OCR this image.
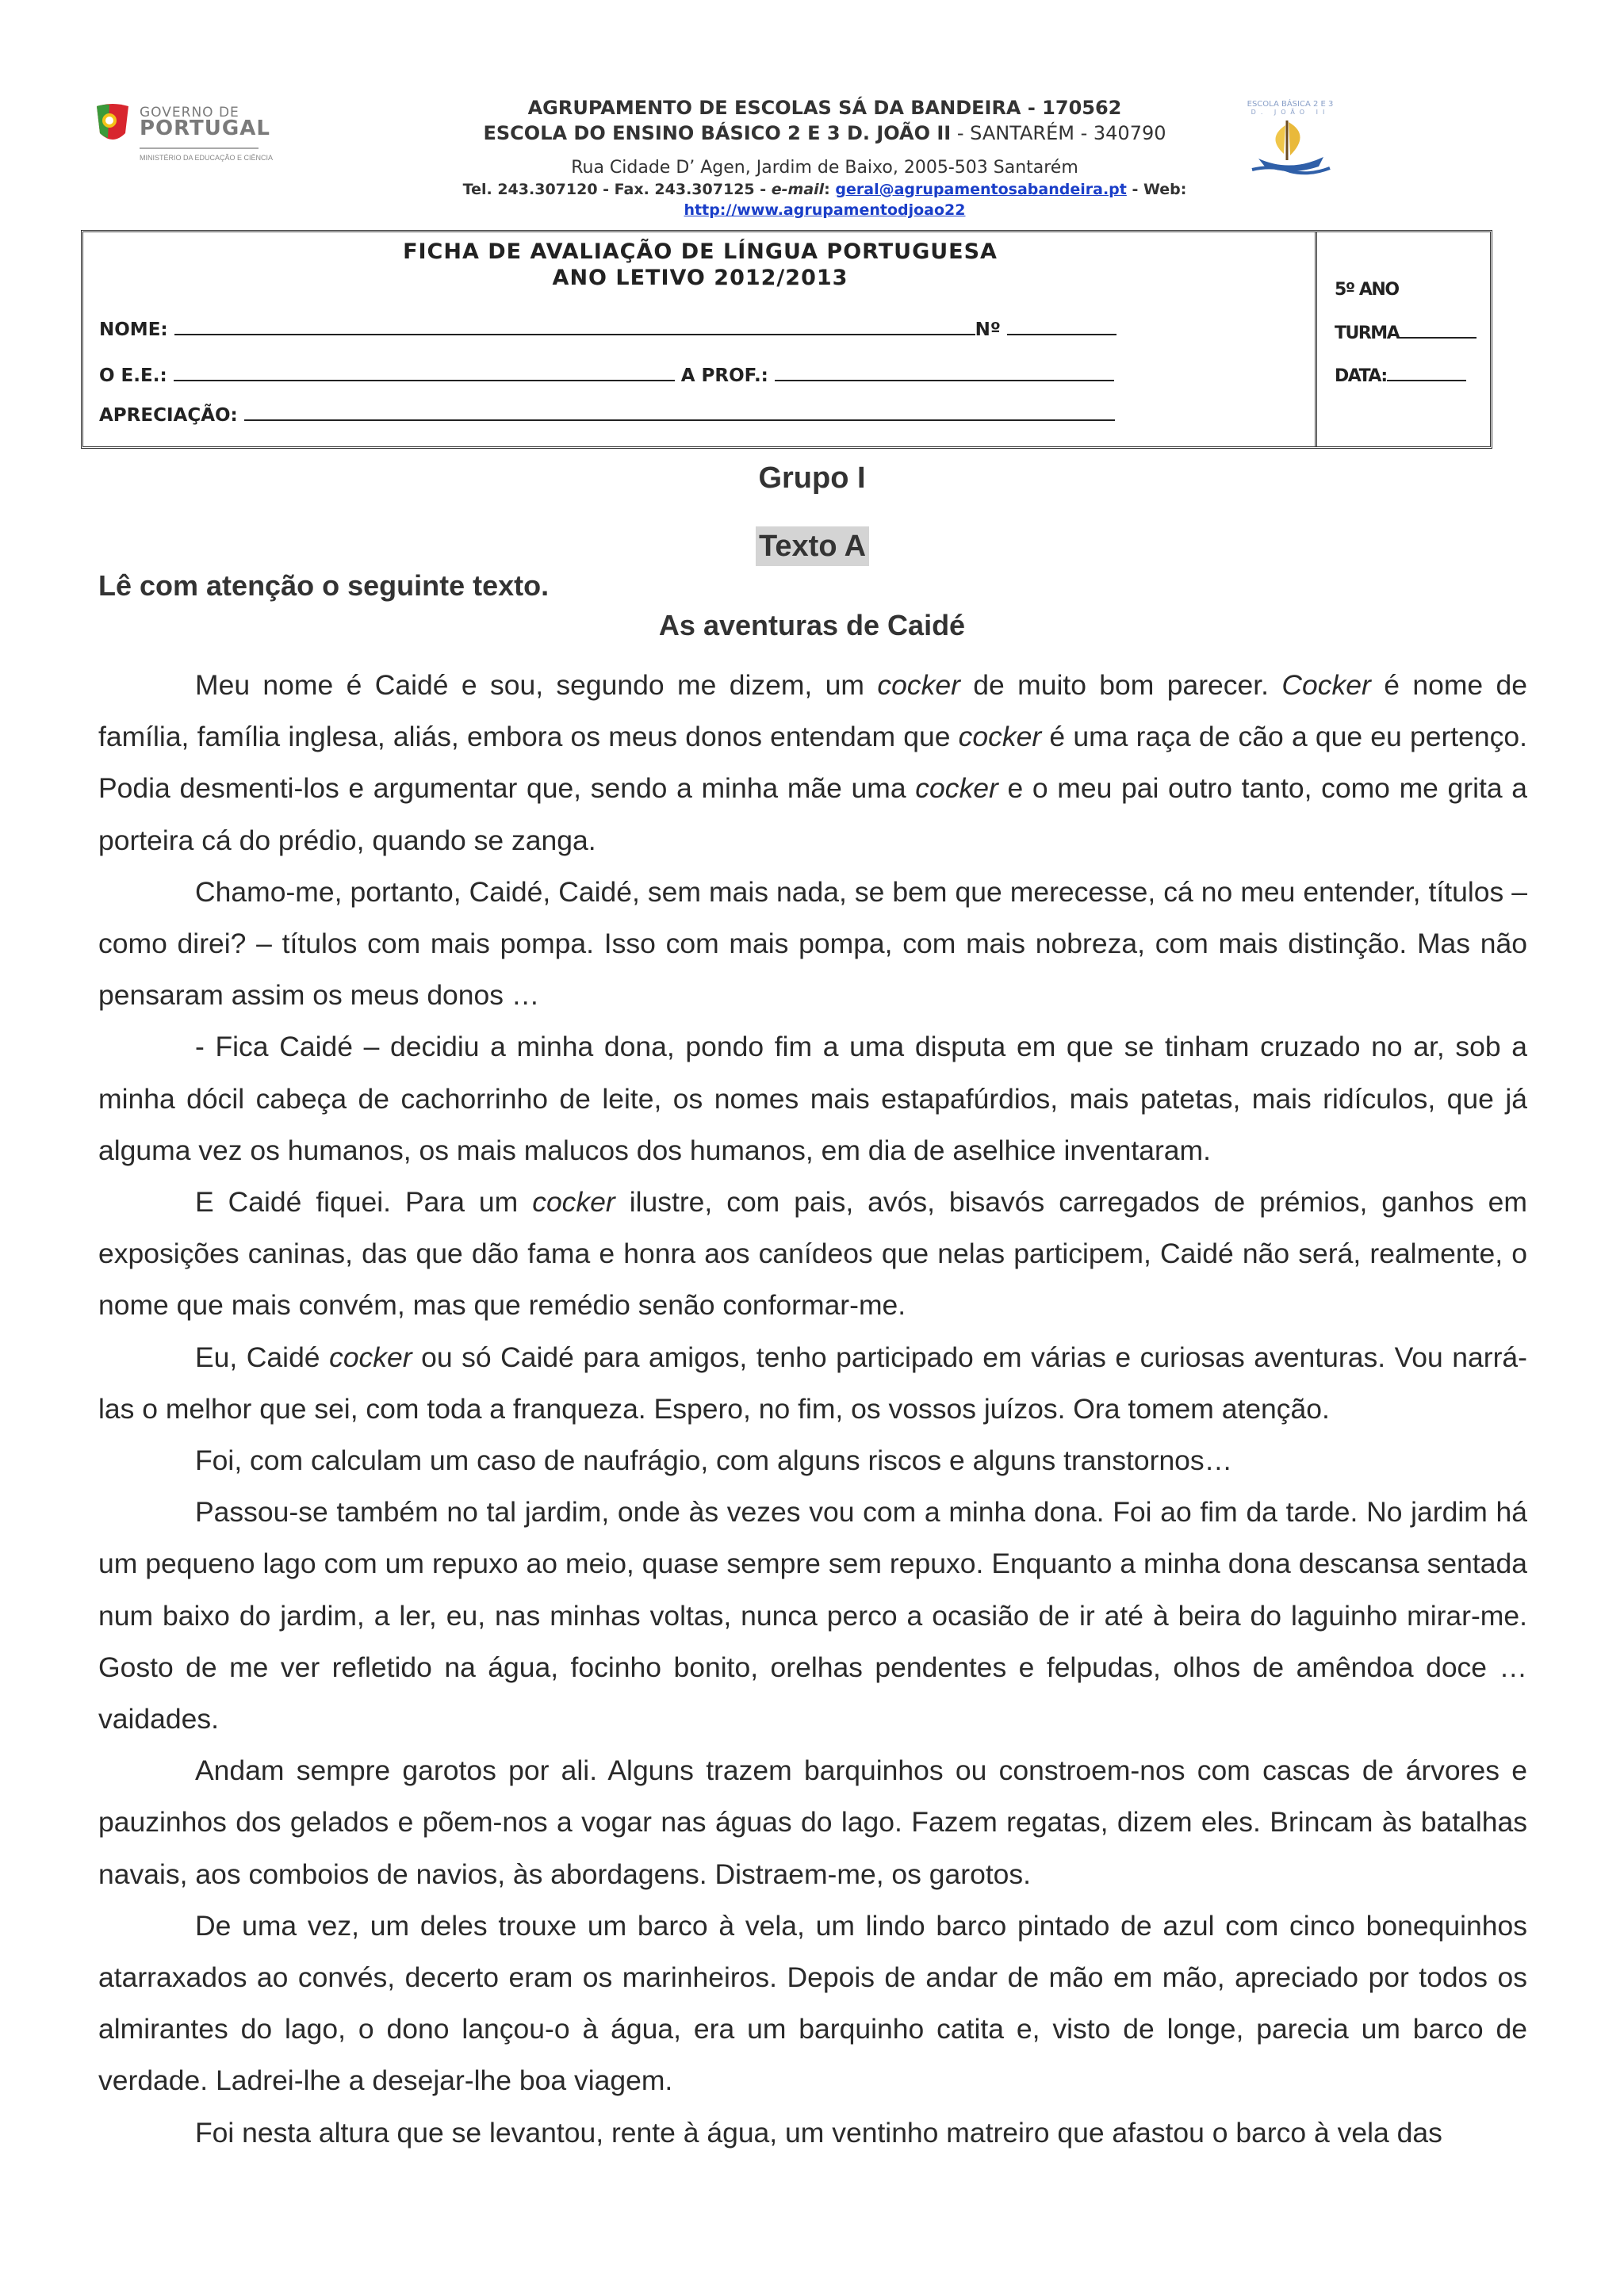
GOVERNO DE
PORTUGAL
MINISTÉRIO DA EDUCAÇÃO E CIÊNCIA
AGRUPAMENTO DE ESCOLAS SÁ DA BANDEIRA - 170562
ESCOLA DO ENSINO BÁSICO 2 E 3 D. JOÃO II - SANTARÉM - 340790
Rua Cidade D’ Agen, Jardim de Baixo, 2005-503 Santarém
Tel. 243.307120 - Fax. 243.307125 - e-mail: geral@agrupamentosabandeira.pt - Web: http://www.agrupamentodjoao22
ESCOLA BÁSICA 2 E 3
D. JOÃO II
FICHA DE AVALIAÇÃO DE LÍNGUA PORTUGUESA
ANO LETIVO 2012/2013
NOME:	Nº
O E.E.:	A PROF.:
APRECIAÇÃO:
5º ANO
TURMA
DATA:
Grupo I
Texto A
Lê com atenção o seguinte texto.
As aventuras de Caidé

Meu nome é Caidé e sou, segundo me dizem, um cocker de muito bom parecer. Cocker é nome de família, família inglesa, aliás, embora os meus donos entendam que cocker é uma raça de cão a que eu pertenço. Podia desmenti-los e argumentar que, sendo a minha mãe uma cocker e o meu pai outro tanto, como me grita a porteira cá do prédio, quando se zanga.

Chamo-me, portanto, Caidé, Caidé, sem mais nada, se bem que merecesse, cá no meu entender, títulos – como direi? – títulos com mais pompa. Isso com mais pompa, com mais nobreza, com mais distinção. Mas não pensaram assim os meus donos …

- Fica Caidé – decidiu a minha dona, pondo fim a uma disputa em que se tinham cruzado no ar, sob a minha dócil cabeça de cachorrinho de leite, os nomes mais estapafúrdios, mais patetas, mais ridículos, que já alguma vez os humanos, os mais malucos dos humanos, em dia de aselhice inventaram.

E Caidé fiquei. Para um cocker ilustre, com pais, avós, bisavós carregados de prémios, ganhos em exposições caninas, das que dão fama e honra aos canídeos que nelas participem, Caidé não será, realmente, o nome que mais convém, mas que remédio senão conformar-me.

Eu, Caidé cocker ou só Caidé para amigos, tenho participado em várias e curiosas aventuras. Vou narrá-las o melhor que sei, com toda a franqueza. Espero, no fim, os vossos juízos. Ora tomem atenção.

Foi, com calculam um caso de naufrágio, com alguns riscos e alguns transtornos…

Passou-se também no tal jardim, onde às vezes vou com a minha dona. Foi ao fim da tarde. No jardim há um pequeno lago com um repuxo ao meio, quase sempre sem repuxo. Enquanto a minha dona descansa sentada num baixo do jardim, a ler, eu, nas minhas voltas, nunca perco a ocasião de ir até à beira do laguinho mirar-me. Gosto de me ver refletido na água, focinho bonito, orelhas pendentes e felpudas, olhos de amêndoa doce … vaidades.

Andam sempre garotos por ali. Alguns trazem barquinhos ou constroem-nos com cascas de árvores e pauzinhos dos gelados e põem-nos a vogar nas águas do lago. Fazem regatas, dizem eles. Brincam às batalhas navais, aos comboios de navios, às abordagens. Distraem-me, os garotos.

De uma vez, um deles trouxe um barco à vela, um lindo barco pintado de azul com cinco bonequinhos atarraxados ao convés, decerto eram os marinheiros. Depois de andar de mão em mão, apreciado por todos os almirantes do lago, o dono lançou-o à água, era um barquinho catita e, visto de longe, parecia um barco de verdade. Ladrei-lhe a desejar-lhe boa viagem.

Foi nesta altura que se levantou, rente à água, um ventinho matreiro que afastou o barco à vela das
